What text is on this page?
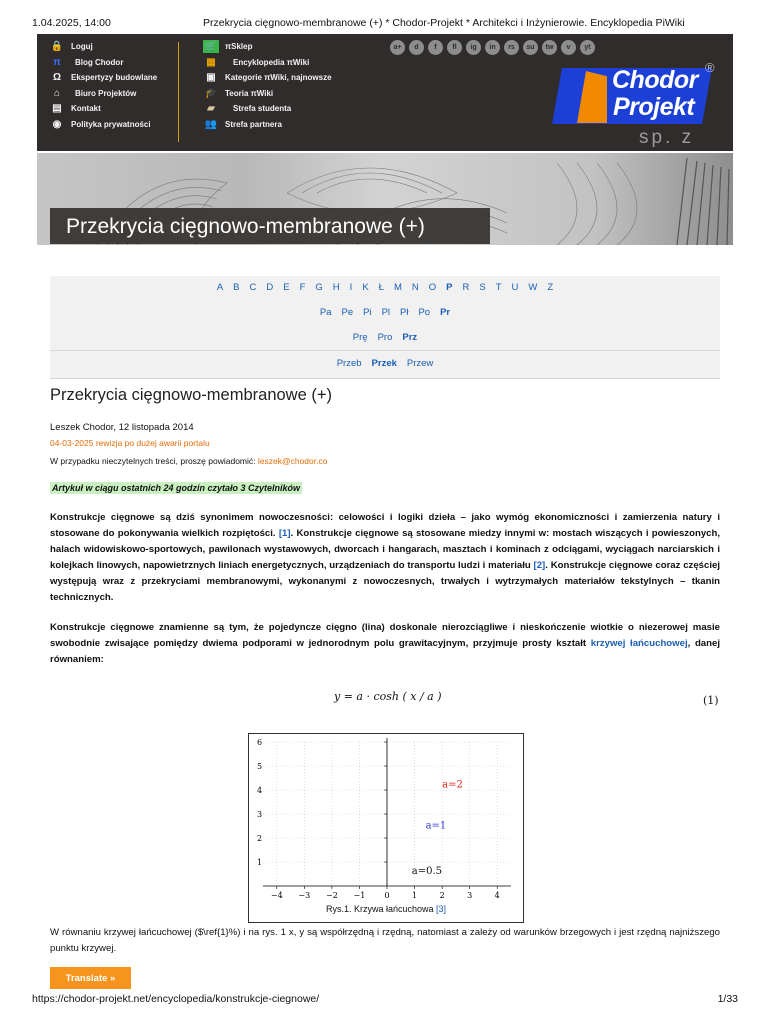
1.04.2025, 14:00	Przekrycia cięgnowo-membranowe (+) * Chodor-Projekt * Architekci i Inżynierowie. Encyklopedia PiWiki
🔒 Loguj
π	Blog Chodor
Ω	Ekspertyzy budowlane
⌂	Biuro Projektów
▤	Kontakt
◉	Polityka prywatności
🛒 πSklep
▦	Encyklopedia πWiki
▣	Kategorie πWiki, najnowsze
🎓 Teoria πWiki
▰	Strefa studenta
👥 Strefa partnera
a+	d	f	fl	ig	in	rs	su	tw	v	yt
Chodor
Projekt
sp. z
®
Przekrycia cięgnowo-membranowe (+)
A B C D E F G H I K Ł M N O P R S T U W Z
Pa Pe Pi Pl Pł Po Pr
Prę Pro Prz
Przeb Przek Przew
Przekrycia cięgnowo-membranowe (+)
Leszek Chodor, 12 listopada 2014
04-03-2025 rewizja po dużej awarii portalu
W przypadku nieczytelnych treści, proszę powiadomić: leszek@chodor.co
Artykuł w ciągu ostatnich 24 godzin czytało 3 Czytelników
Konstrukcje cięgnowe są dziś synonimem nowoczesności: celowości i logiki dzieła – jako wymóg ekonomiczności i zamierzenia natury i stosowane do pokonywania wielkich rozpiętości. [1]. Konstrukcje cięgnowe są stosowane miedzy innymi w: mostach wiszących i powieszonych, halach widowiskowo-sportowych, pawilonach wystawowych, dworcach i hangarach, masztach i kominach z odciągami, wyciągach narciarskich i kolejkach linowych, napowietrznych liniach energetycznych, urządzeniach do transportu ludzi i materiału [2]. Konstrukcje cięgnowe coraz częściej występują wraz z przekryciami membranowymi, wykonanymi z nowoczesnych, trwałych i wytrzymałych materiałów tekstylnych – tkanin technicznych.
Konstrukcje cięgnowe znamienne są tym, że pojedyncze cięgno (lina) doskonale nierozciągliwe i nieskończenie wiotkie o niezerowej masie swobodnie zwisające pomiędzy dwiema podporami w jednorodnym polu grawitacyjnym, przyjmuje prosty kształt krzywej łańcuchowej, danej równaniem:
y = a · cosh ( x / a )	(1)
−4 −3 −2 −1 0	1	2	3	4
1
2
3
4
5
6
a=2
a=1
a=0.5
Rys.1. Krzywa łańcuchowa [3]
W równaniu krzywej łańcuchowej ($\ref{1}%) i na rys. 1 x, y są współrzędną i rzędną, natomiast a zależy od warunków brzegowych i jest rzędną najniższego punktu krzywej.
Translate »
https://chodor-projekt.net/encyclopedia/konstrukcje-ciegnowe/	1/33
